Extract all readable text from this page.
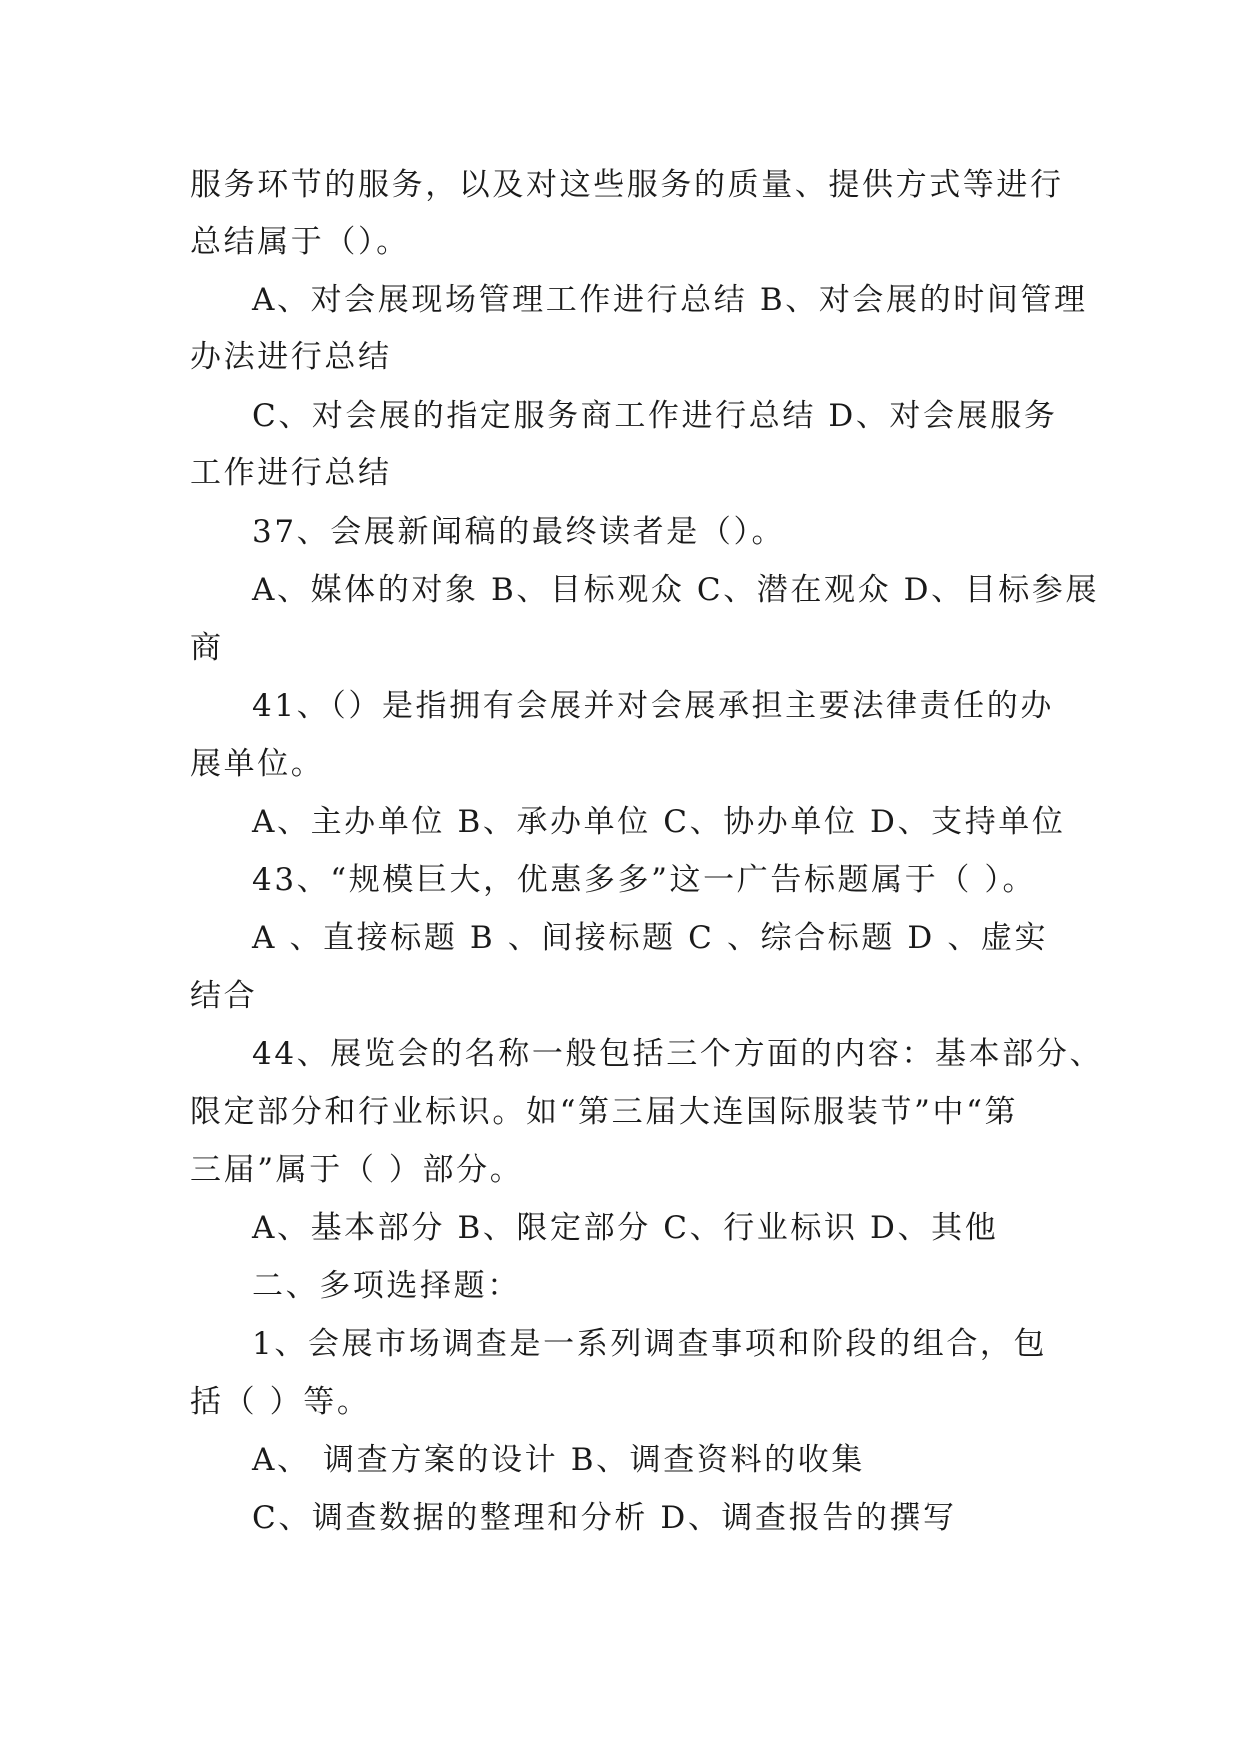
服务环节的服务，以及对这些服务的质量、提供方式等进行
总结属于（）。
A、对会展现场管理工作进行总结 B、对会展的时间管理
办法进行总结
C、对会展的指定服务商工作进行总结 D、对会展服务
工作进行总结
37、会展新闻稿的最终读者是（）。
A、媒体的对象 B、目标观众 C、潜在观众 D、目标参展
商
41、（）是指拥有会展并对会展承担主要法律责任的办
展单位。
A、主办单位 B、承办单位 C、协办单位 D、支持单位
43、“规模巨大，优惠多多”这一广告标题属于（ ）。
A 、直接标题 B 、间接标题 C 、综合标题 D 、虚实
结合
44、展览会的名称一般包括三个方面的内容：基本部分、
限定部分和行业标识。如“第三届大连国际服装节”中“第
三届”属于（ ）部分。
A、基本部分 B、限定部分 C、行业标识 D、其他
二、多项选择题：
1、会展市场调查是一系列调查事项和阶段的组合，包
括（ ）等。
A、 调查方案的设计 B、调查资料的收集
C、调查数据的整理和分析 D、调查报告的撰写
